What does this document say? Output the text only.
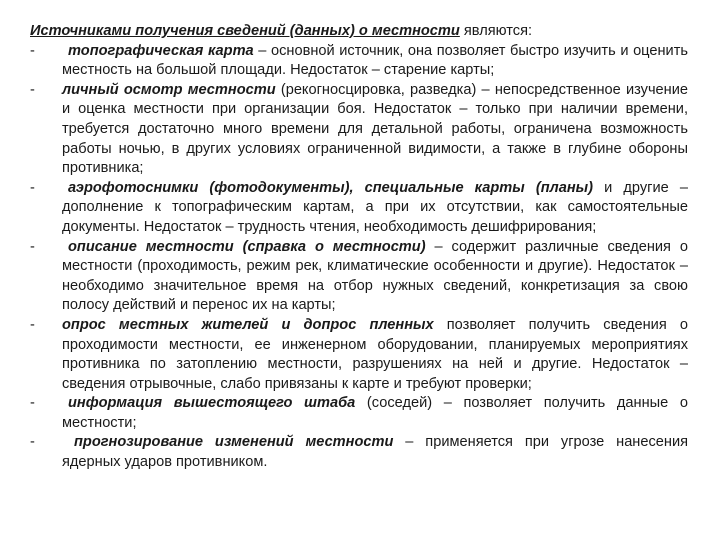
Источниками получения сведений (данных) о местности являются:

- топографическая карта – основной источник, она позволяет быстро изучить и оценить местность на большой площади. Недостаток – старение карты;
- личный осмотр местности (рекогносцировка, разведка) – непосредственное изучение и оценка местности при организации боя. Недостаток – только при наличии времени, требуется достаточно много времени для детальной работы, ограничена возможность работы ночью, в других условиях ограниченной видимости, а также в глубине обороны противника;
- аэрофотоснимки (фотодокументы), специальные карты (планы) и другие – дополнение к топографическим картам, а при их отсутствии, как самостоятельные документы. Недостаток – трудность чтения, необходимость дешифрирования;
- описание местности (справка о местности) – содержит различные сведения о местности (проходимость, режим рек, климатические особенности и другие). Недостаток – необходимо значительное время на отбор нужных сведений, конкретизация за свою полосу действий и перенос их на карты;
- опрос местных жителей и допрос пленных позволяет получить сведения о проходимости местности, ее инженерном оборудовании, планируемых мероприятиях противника по затоплению местности, разрушениях на ней и другие. Недостаток – сведения отрывочные, слабо привязаны к карте и требуют проверки;
- информация вышестоящего штаба (соседей) – позволяет получить данные о местности;
-	прогнозирование изменений местности – применяется при угрозе нанесения ядерных ударов противником.
